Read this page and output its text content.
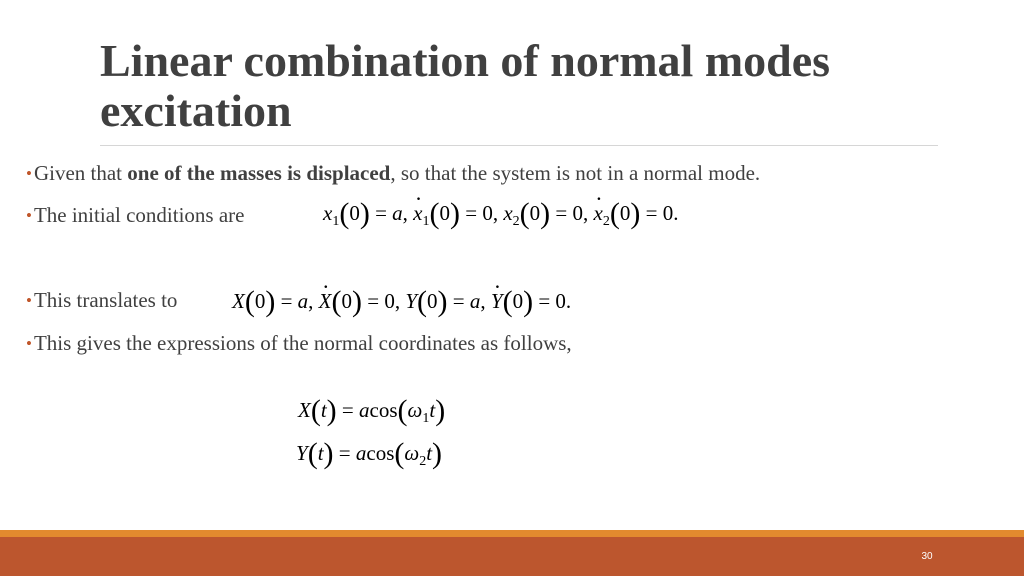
Linear combination of normal modes
excitation
•Given that one of the masses is displaced, so that the system is not in a normal mode.
•The initial conditions are	$x_1(0) = a$, · $x_1(0) = 0$, $x_2(0) = 0$, · $x_2(0) = 0$.
•This translates to	X(0) = a, · X(0) = 0, Y(0) = a, · Y(0) = 0.
•This gives the expressions of the normal coordinates as follows,
$X(t) = acos(\omega_1t)$
$Y(t) = acos(\omega_2t)$
30
